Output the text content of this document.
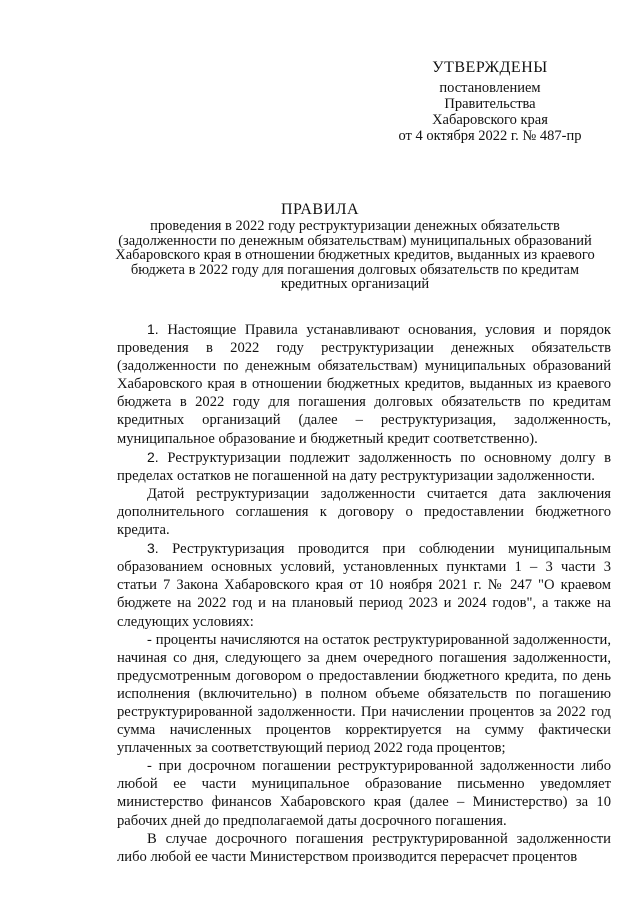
УТВЕРЖДЕНЫ
постановлением
Правительства
Хабаровского края
от 4 октября 2022 г. № 487-пр
ПРАВИЛА
проведения в 2022 году реструктуризации денежных обязательств (задолженности по денежным обязательствам) муниципальных образований Хабаровского края в отношении бюджетных кредитов, выданных из краевого бюджета в 2022 году для погашения долговых обязательств по кредитам кредитных организаций

1. Настоящие Правила устанавливают основания, условия и порядок проведения в 2022 году реструктуризации денежных обязательств (задолженности по денежным обязательствам) муниципальных образований Хабаровского края в отношении бюджетных кредитов, выданных из краевого бюджета в 2022 году для погашения долговых обязательств по кредитам кредитных организаций (далее – реструктуризация, задолженность, муниципальное образование и бюджетный кредит соответственно).

2. Реструктуризации подлежит задолженность по основному долгу в пределах остатков не погашенной на дату реструктуризации задолженности.

Датой реструктуризации задолженности считается дата заключения дополнительного соглашения к договору о предоставлении бюджетного кредита.

3. Реструктуризация проводится при соблюдении муниципальным образованием основных условий, установленных пунктами 1 – 3 части 3 статьи 7 Закона Хабаровского края от 10 ноября 2021 г. № 247 "О краевом бюджете на 2022 год и на плановый период 2023 и 2024 годов", а также на следующих условиях:

- проценты начисляются на остаток реструктурированной задолженности, начиная со дня, следующего за днем очередного погашения задолженности, предусмотренным договором о предоставлении бюджетного кредита, по день исполнения (включительно) в полном объеме обязательств по погашению реструктурированной задолженности. При начислении процентов за 2022 год сумма начисленных процентов корректируется на сумму фактически уплаченных за соответствующий период 2022 года процентов;

- при досрочном погашении реструктурированной задолженности либо любой ее части муниципальное образование письменно уведомляет министерство финансов Хабаровского края (далее – Министерство) за 10 рабочих дней до предполагаемой даты досрочного погашения.

В случае досрочного погашения реструктурированной задолженности либо любой ее части Министерством производится перерасчет процентов
